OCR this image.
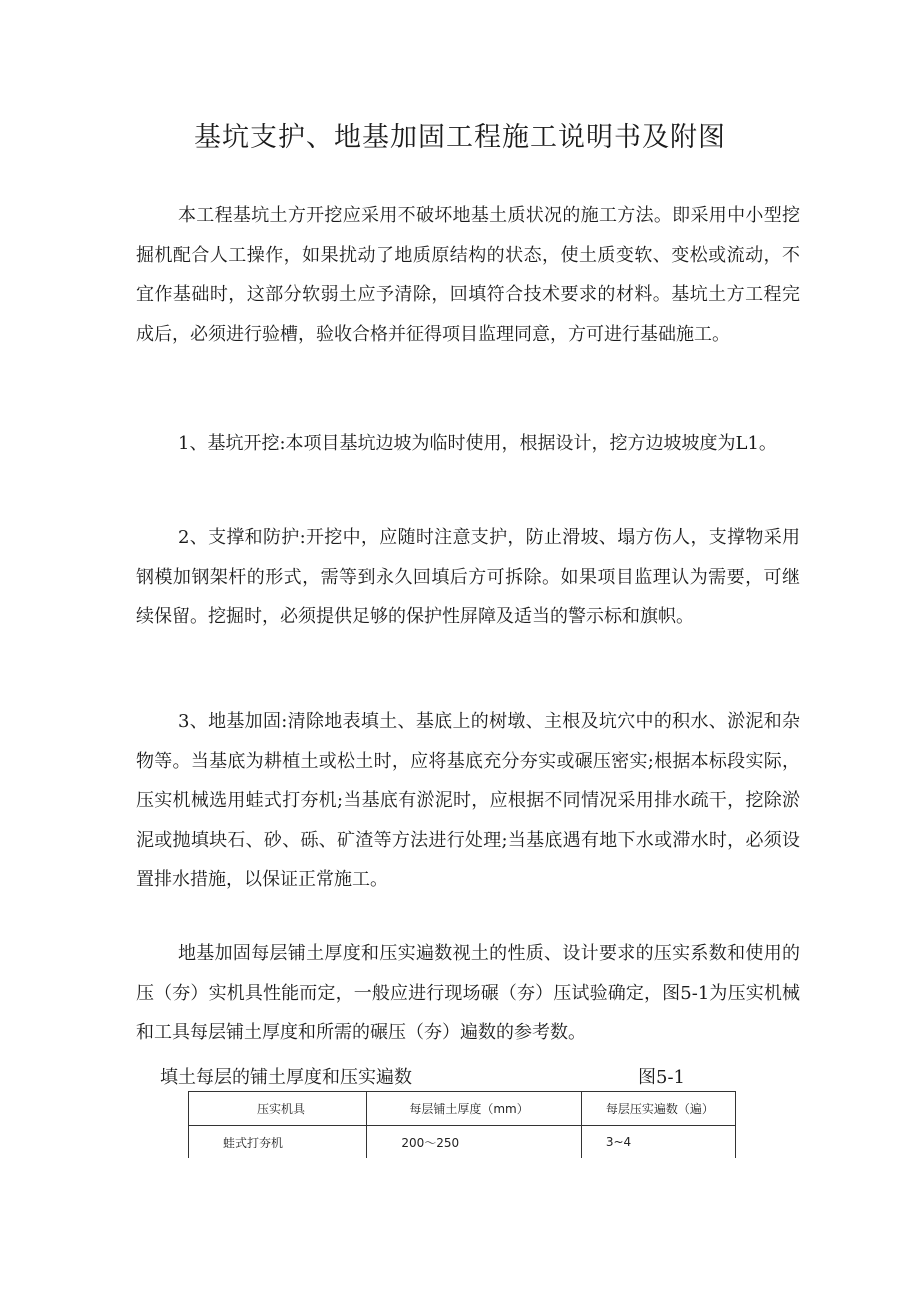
基坑支护、地基加固工程施工说明书及附图

本工程基坑土方开挖应采用不破坏地基土质状况的施工方法。即采用中小型挖掘机配合人工操作，如果扰动了地质原结构的状态，使土质变软、变松或流动，不宜作基础时，这部分软弱土应予清除，回填符合技术要求的材料。基坑土方工程完成后，必须进行验槽，验收合格并征得项目监理同意，方可进行基础施工。

1、基坑开挖:本项目基坑边坡为临时使用，根据设计，挖方边坡坡度为L1。

2、支撑和防护:开挖中，应随时注意支护，防止滑坡、塌方伤人，支撑物采用钢模加钢架杆的形式，需等到永久回填后方可拆除。如果项目监理认为需要，可继续保留。挖掘时，必须提供足够的保护性屏障及适当的警示标和旗帜。

3、地基加固:清除地表填土、基底上的树墩、主根及坑穴中的积水、淤泥和杂物等。当基底为耕植土或松土时，应将基底充分夯实或碾压密实;根据本标段实际，压实机械选用蛙式打夯机;当基底有淤泥时，应根据不同情况采用排水疏干，挖除淤泥或抛填块石、砂、砾、矿渣等方法进行处理;当基底遇有地下水或滞水时，必须设置排水措施，以保证正常施工。

地基加固每层铺土厚度和压实遍数视土的性质、设计要求的压实系数和使用的压（夯）实机具性能而定，一般应进行现场碾（夯）压试验确定，图5-1为压实机械和工具每层铺土厚度和所需的碾压（夯）遍数的参考数。

填土每层的铺土厚度和压实遍数	图5-1
压实机具	每层铺土厚度（mm）	每层压实遍数（遍）
蛙式打夯机	200～250	3~4
